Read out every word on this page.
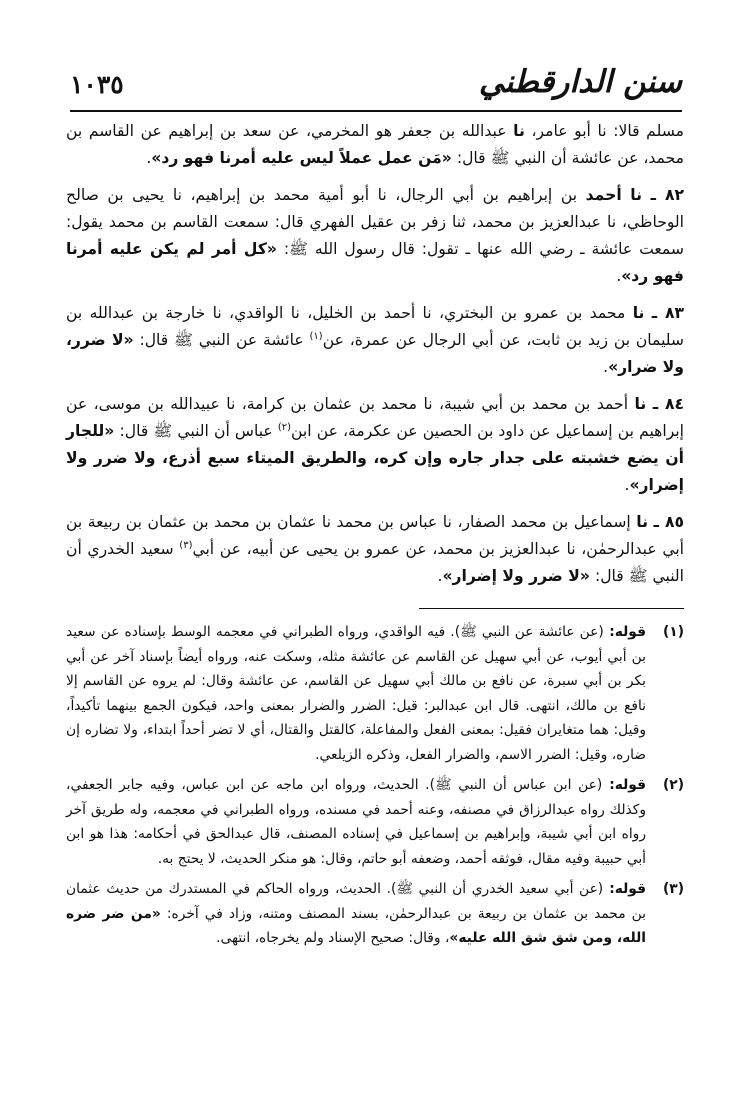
سنن الدارقطني
١٠٣٥

مسلم قالا: نا أبو عامر، نا عبدالله بن جعفر هو المخرمي، عن سعد بن إبراهيم عن القاسم بن محمد، عن عائشة أن النبي ﷺ قال: «مَن عمل عملاً ليس عليه أمرنا فهو رد».

٨٢ ـ نا أحمد بن إبراهيم بن أبي الرجال، نا أبو أمية محمد بن إبراهيم، نا يحيى بن صالح الوحاظي، نا عبدالعزيز بن محمد، ثنا زفر بن عقيل الفهري قال: سمعت القاسم بن محمد يقول: سمعت عائشة ـ رضي الله عنها ـ تقول: قال رسول الله ﷺ: «كل أمر لم يكن عليه أمرنا فهو رد».

٨٣ ـ نا محمد بن عمرو بن البختري، نا أحمد بن الخليل، نا الواقدي، نا خارجة بن عبدالله بن سليمان بن زيد بن ثابت، عن أبي الرجال عن عمرة، عن$^{(١)}$ عائشة عن النبي ﷺ قال: «لا ضرر، ولا ضرار».

٨٤ ـ نا أحمد بن محمد بن أبي شيبة، نا محمد بن عثمان بن كرامة، نا عبيدالله بن موسى، عن إبراهيم بن إسماعيل عن داود بن الحصين عن عكرمة، عن ابن$^{(٢)}$ عباس أن النبي ﷺ قال: «للجار أن يضع خشبته على جدار جاره وإن كره، والطريق الميتاء سبع أذرع، ولا ضرر ولا إضرار».

٨٥ ـ نا إسماعيل بن محمد الصفار، نا عباس بن محمد نا عثمان بن محمد بن عثمان بن ربيعة بن أبي عبدالرحمٰن، نا عبدالعزيز بن محمد، عن عمرو بن يحيى عن أبيه، عن أبي$^{(٣)}$ سعيد الخدري أن النبي ﷺ قال: «لا ضرر ولا إضرار».

(١)
قوله: (عن عائشة عن النبي ﷺ). فيه الواقدي، ورواه الطبراني في معجمه الوسط بإسناده عن سعيد بن أبي أيوب، عن أبي سهيل عن القاسم عن عائشة مثله، وسكت عنه، ورواه أيضاً بإسناد آخر عن أبي بكر بن أبي سبرة، عن نافع بن مالك أبي سهيل عن القاسم، عن عائشة وقال: لم يروه عن القاسم إلا نافع بن مالك، انتهى. قال ابن عبدالبر: قيل: الضرر والضرار بمعنى واحد، فيكون الجمع بينهما تأكيداً، وقيل: هما متغايران فقيل: بمعنى الفعل والمفاعلة، كالقتل والقتال، أي لا تضر أحداً ابتداء، ولا تضاره إن ضاره، وقيل: الضرر الاسم، والضرار الفعل، وذكره الزيلعي.
(٢)
قوله: (عن ابن عباس أن النبي ﷺ). الحديث، ورواه ابن ماجه عن ابن عباس، وفيه جابر الجعفي، وكذلك رواه عبدالرزاق في مصنفه، وعنه أحمد في مسنده، ورواه الطبراني في معجمه، وله طريق آخر رواه ابن أبي شيبة، وإبراهيم بن إسماعيل في إسناده المصنف، قال عبدالحق في أحكامه: هذا هو ابن أبي حبيبة وفيه مقال، فوثقه أحمد، وضعفه أبو حاتم، وقال: هو منكر الحديث، لا يحتج به.
(٣)
قوله: (عن أبي سعيد الخدري أن النبي ﷺ). الحديث، ورواه الحاكم في المستدرك من حديث عثمان بن محمد بن عثمان بن ربيعة بن عبدالرحمٰن، بسند المصنف ومتنه، وزاد في آخره: «من ضر ضره الله، ومن شق شق الله عليه»، وقال: صحيح الإسناد ولم يخرجاه، انتهى.
